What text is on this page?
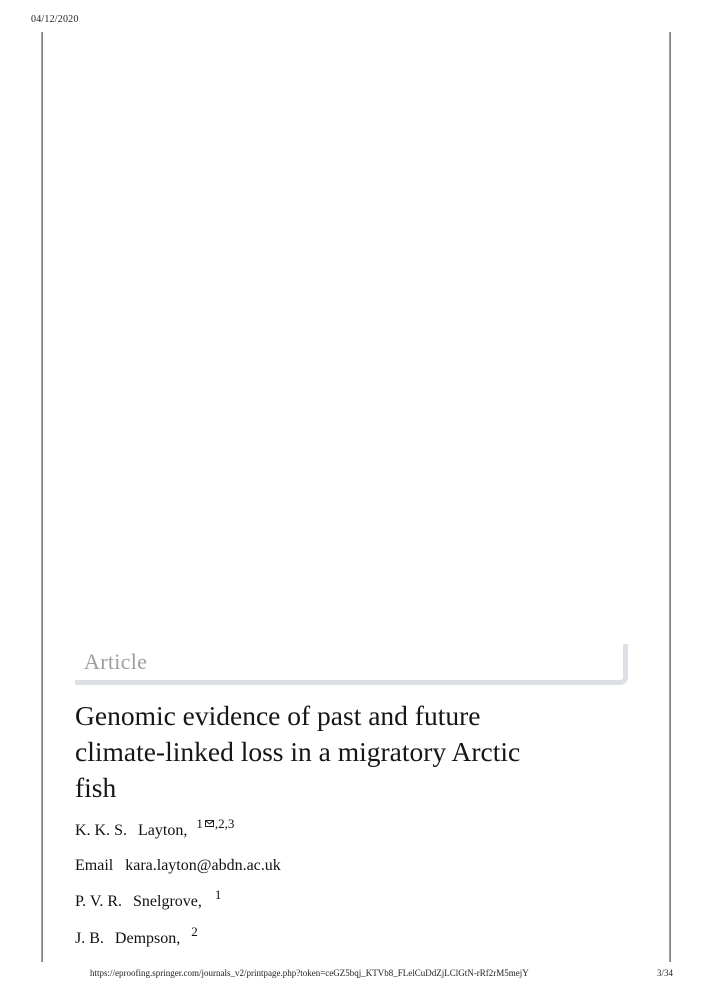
04/12/2020
Article
Genomic evidence of past and future
climate-linked loss in a migratory Arctic
fish
K. K. S. Layton, $^{1 ,2,3}$
Email kara.layton@abdn.ac.uk
P. V. R. Snelgrove, $^1$
J. B. Dempson, $^2$
https://eproofing.springer.com/journals_v2/printpage.php?token=ceGZ5bqj_KTVb8_FLelCuDdZjLClGtN-rRf2rM5mejY	3/34
